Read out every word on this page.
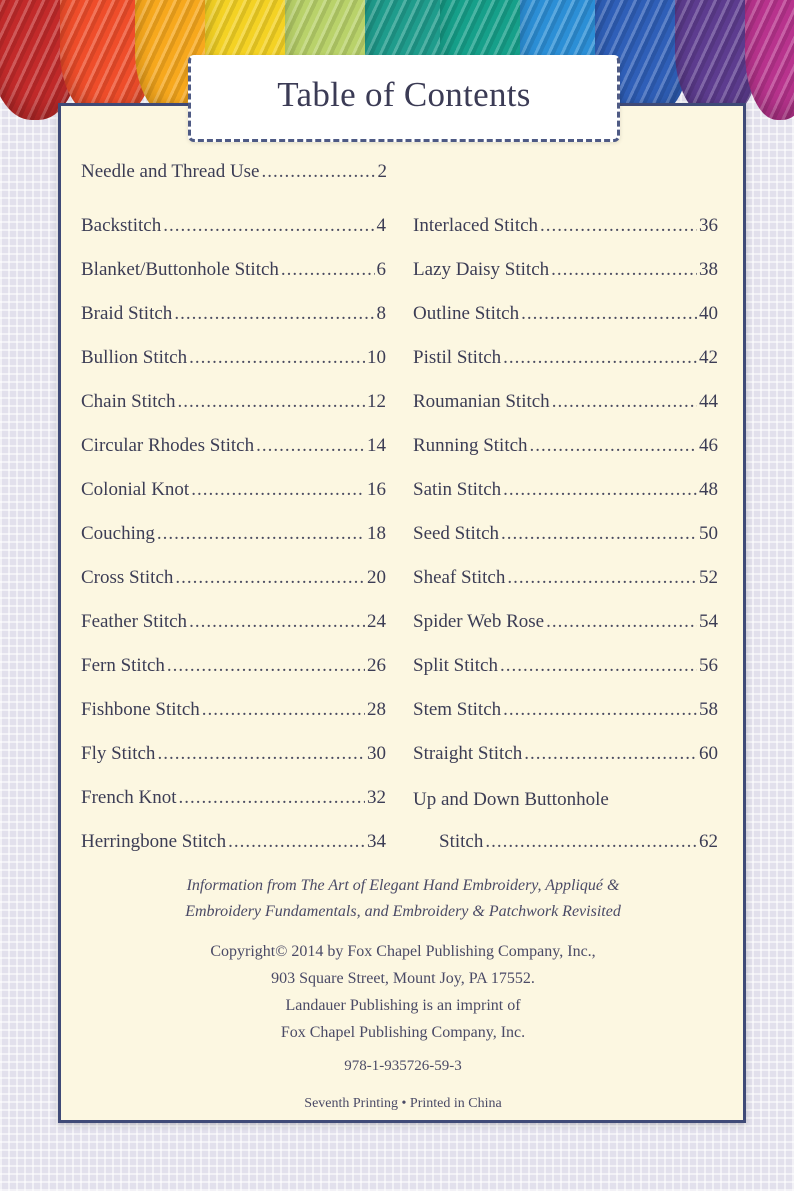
Table of Contents
Needle and Thread Use .....	2
Backstitch .....	4
Blanket/Buttonhole Stitch .....	6
Braid Stitch .....	8
Bullion Stitch .....	10
Chain Stitch .....	12
Circular Rhodes Stitch .....	14
Colonial Knot .....	16
Couching .....	18
Cross Stitch .....	20
Feather Stitch .....	24
Fern Stitch .....	26
Fishbone Stitch .....	28
Fly Stitch .....	30
French Knot .....	32
Herringbone Stitch .....	34
Interlaced Stitch .....	36
Lazy Daisy Stitch .....	38
Outline Stitch .....	40
Pistil Stitch .....	42
Roumanian Stitch .....	44
Running Stitch .....	46
Satin Stitch .....	48
Seed Stitch .....	50
Sheaf Stitch .....	52
Spider Web Rose .....	54
Split Stitch .....	56
Stem Stitch .....	58
Straight Stitch .....	60
Up and Down Buttonhole
Stitch .....	62
Information from The Art of Elegant Hand Embroidery, Appliqué &
Embroidery Fundamentals, and Embroidery & Patchwork Revisited
Copyright© 2014 by Fox Chapel Publishing Company, Inc.,
903 Square Street, Mount Joy, PA 17552.
Landauer Publishing is an imprint of
Fox Chapel Publishing Company, Inc.
978-1-935726-59-3
Seventh Printing • Printed in China
